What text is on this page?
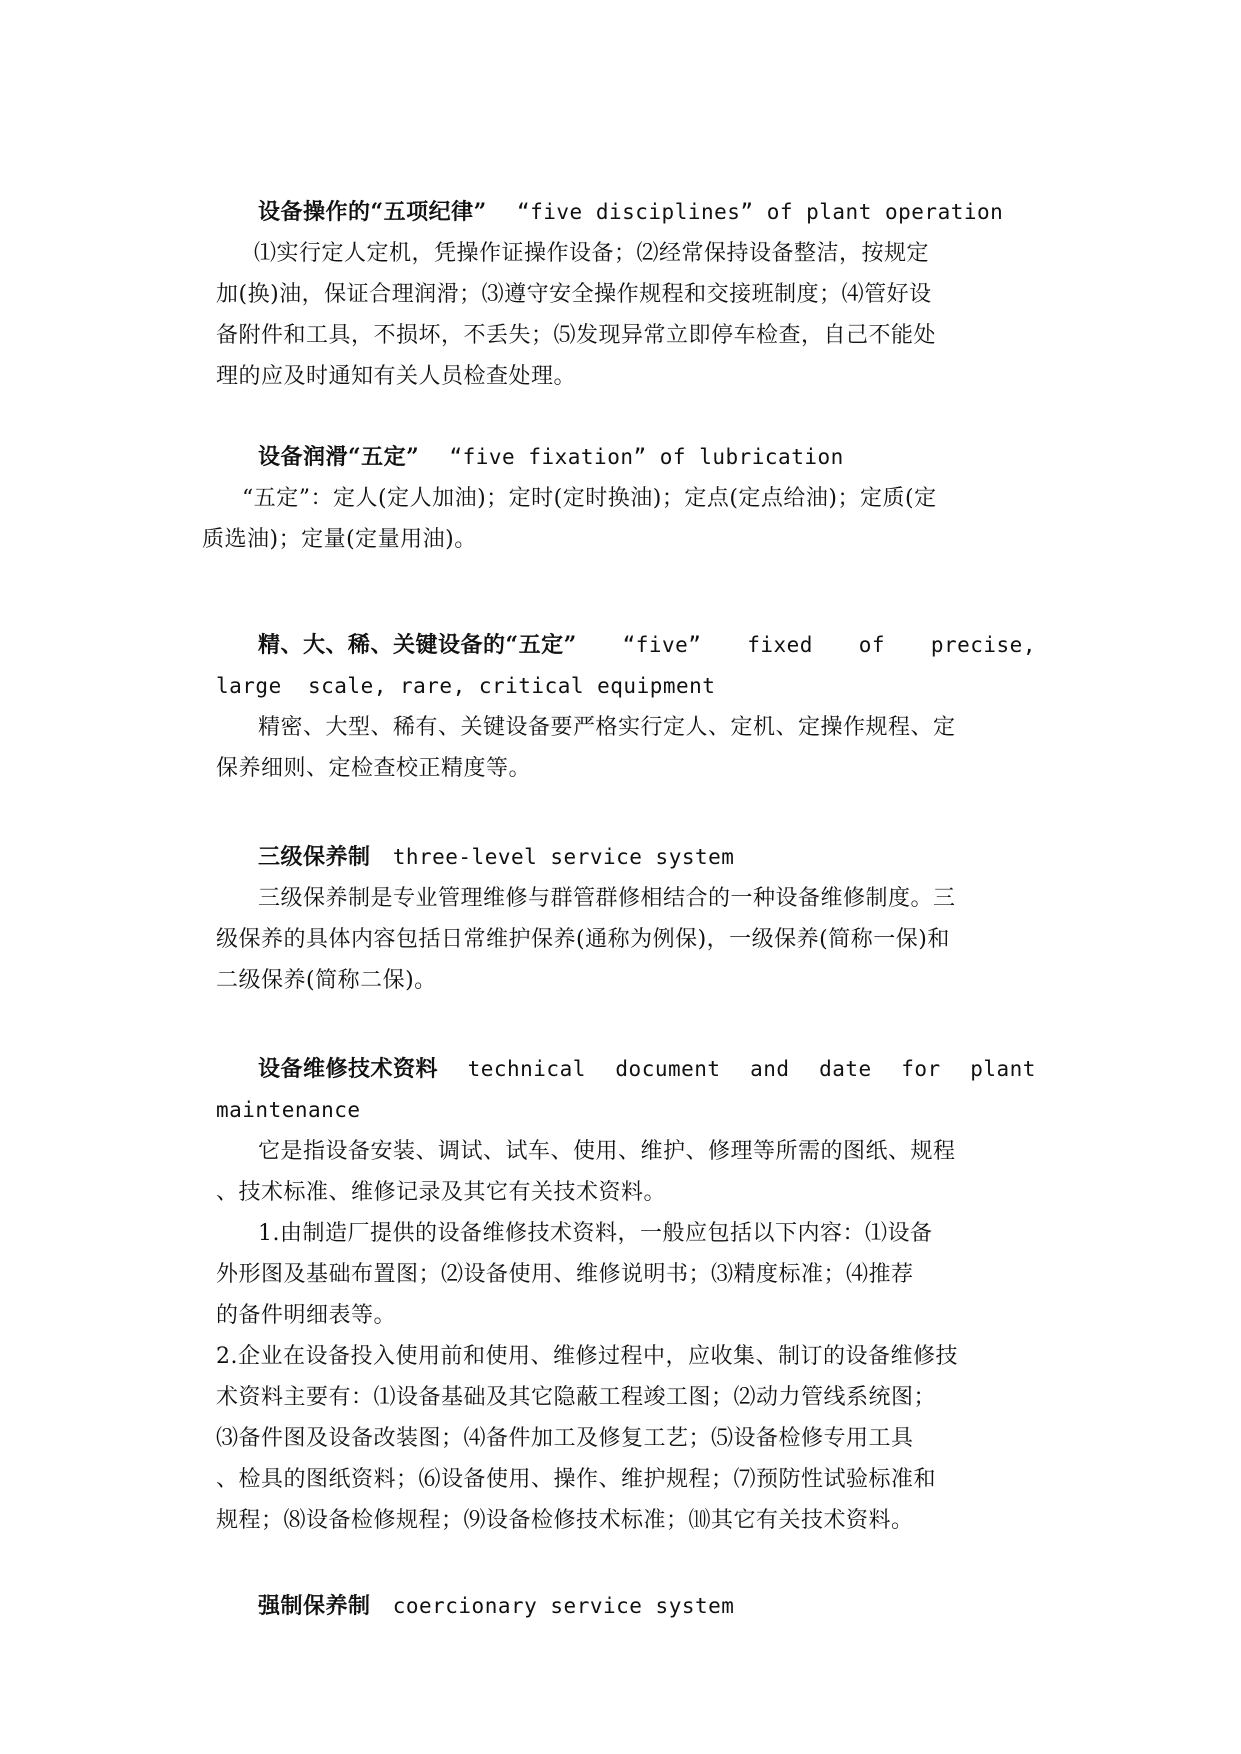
设备操作的“五项纪律” “five disciplines” of plant operation
⑴实行定人定机，凭操作证操作设备；⑵经常保持设备整洁，按规定
加(换)油，保证合理润滑；⑶遵守安全操作规程和交接班制度；⑷管好设
备附件和工具，不损坏，不丢失；⑸发现异常立即停车检查，自己不能处
理的应及时通知有关人员检查处理。
设备润滑“五定” “five fixation” of lubrication
“五定”：定人(定人加油)；定时(定时换油)；定点(定点给油)；定质(定
质选油)；定量(定量用油)。
精、大、稀、关键设备的“五定” “five” fixed of precise,
large  scale, rare, critical equipment
精密、大型、稀有、关键设备要严格实行定人、定机、定操作规程、定
保养细则、定检查校正精度等。
三级保养制 three-level service system
三级保养制是专业管理维修与群管群修相结合的一种设备维修制度。三
级保养的具体内容包括日常维护保养(通称为例保)，一级保养(简称一保)和
二级保养(简称二保)。
设备维修技术资料 technical document and date for plant
maintenance
它是指设备安装、调试、试车、使用、维护、修理等所需的图纸、规程
、技术标准、维修记录及其它有关技术资料。
1.由制造厂提供的设备维修技术资料，一般应包括以下内容：⑴设备
外形图及基础布置图；⑵设备使用、维修说明书；⑶精度标准；⑷推荐
的备件明细表等。
2.企业在设备投入使用前和使用、维修过程中，应收集、制订的设备维修技
术资料主要有：⑴设备基础及其它隐蔽工程竣工图；⑵动力管线系统图；
⑶备件图及设备改装图；⑷备件加工及修复工艺；⑸设备检修专用工具
、检具的图纸资料；⑹设备使用、操作、维护规程；⑺预防性试验标准和
规程；⑻设备检修规程；⑼设备检修技术标准；⑽其它有关技术资料。
强制保养制 coercionary service system
